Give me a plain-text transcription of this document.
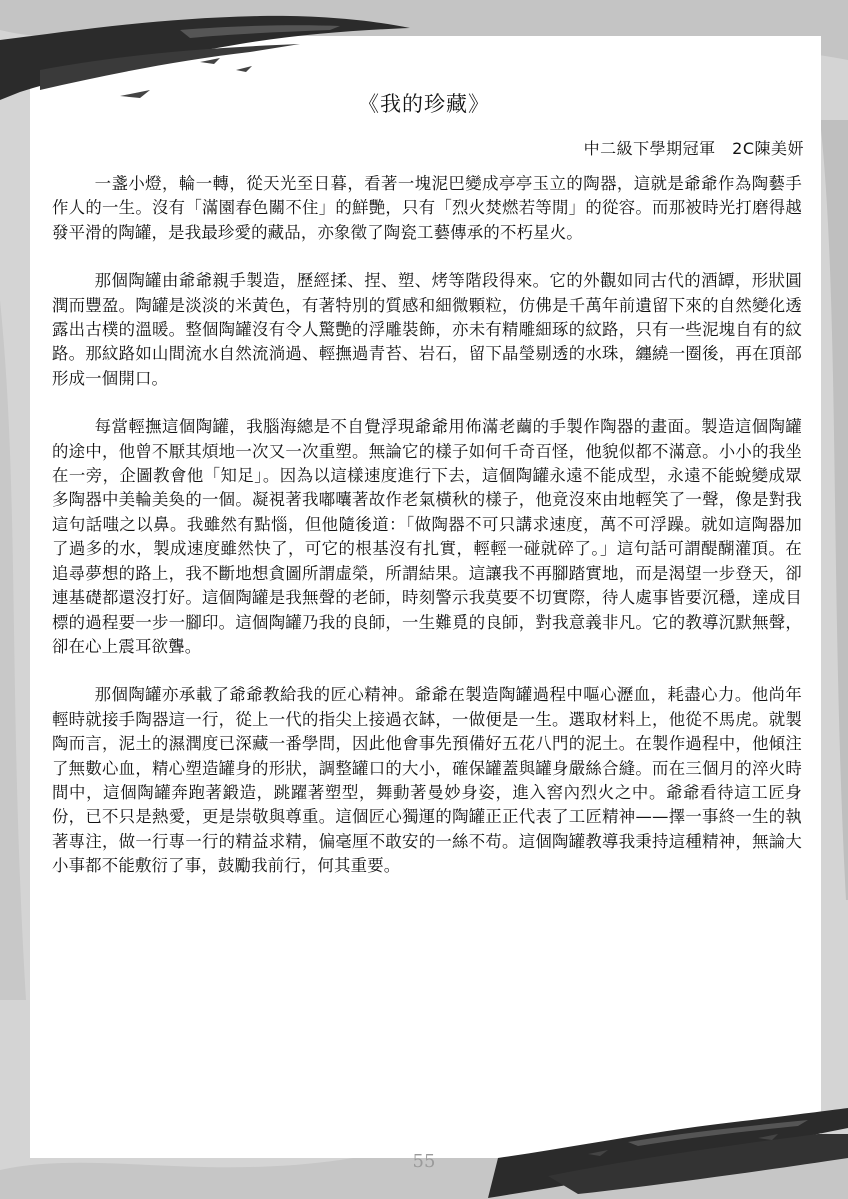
《我的珍藏》
中二級下學期冠軍　2C陳美妍

一盞小燈，輪一轉，從天光至日暮，看著一塊泥巴變成亭亭玉立的陶器，這就是爺爺作為陶藝手作人的一生。沒有「滿園春色關不住」的鮮艷，只有「烈火焚燃若等閒」的從容。而那被時光打磨得越發平滑的陶罐，是我最珍愛的藏品，亦象徵了陶瓷工藝傳承的不朽星火。

那個陶罐由爺爺親手製造，歷經揉、捏、塑、烤等階段得來。它的外觀如同古代的酒罈，形狀圓潤而豐盈。陶罐是淡淡的米黃色，有著特別的質感和細微顆粒，仿佛是千萬年前遺留下來的自然變化透露出古樸的溫暖。整個陶罐沒有令人驚艷的浮雕裝飾，亦未有精雕細琢的紋路，只有一些泥塊自有的紋路。那紋路如山間流水自然流淌過、輕撫過青苔、岩石，留下晶瑩剔透的水珠，纏繞一圈後，再在頂部形成一個開口。

每當輕撫這個陶罐，我腦海總是不自覺浮現爺爺用佈滿老繭的手製作陶器的畫面。製造這個陶罐的途中，他曾不厭其煩地一次又一次重塑。無論它的樣子如何千奇百怪，他貌似都不滿意。小小的我坐在一旁，企圖教會他「知足」。因為以這樣速度進行下去，這個陶罐永遠不能成型，永遠不能蛻變成眾多陶器中美輪美奐的一個。凝視著我嘟囔著故作老氣橫秋的樣子，他竟沒來由地輕笑了一聲，像是對我這句話嗤之以鼻。我雖然有點惱，但他隨後道：「做陶器不可只講求速度，萬不可浮躁。就如這陶器加了過多的水，製成速度雖然快了，可它的根基沒有扎實，輕輕一碰就碎了。」這句話可謂醍醐灌頂。在追尋夢想的路上，我不斷地想貪圖所謂虛榮，所謂結果。這讓我不再腳踏實地，而是渴望一步登天，卻連基礎都還沒打好。這個陶罐是我無聲的老師，時刻警示我莫要不切實際，待人處事皆要沉穩，達成目標的過程要一步一腳印。這個陶罐乃我的良師，一生難覓的良師，對我意義非凡。它的教導沉默無聲，卻在心上震耳欲聾。

那個陶罐亦承載了爺爺教給我的匠心精神。爺爺在製造陶罐過程中嘔心瀝血，耗盡心力。他尚年輕時就接手陶器這一行，從上一代的指尖上接過衣缽，一做便是一生。選取材料上，他從不馬虎。就製陶而言，泥土的濕潤度已深藏一番學問，因此他會事先預備好五花八門的泥土。在製作過程中，他傾注了無數心血，精心塑造罐身的形狀，調整罐口的大小，確保罐蓋與罐身嚴絲合縫。而在三個月的淬火時間中，這個陶罐奔跑著鍛造，跳躍著塑型，舞動著曼妙身姿，進入窖內烈火之中。爺爺看待這工匠身份，已不只是熱愛，更是崇敬與尊重。這個匠心獨運的陶罐正正代表了工匠精神——擇一事終一生的執著專注，做一行專一行的精益求精，偏毫厘不敢安的一絲不苟。這個陶罐教導我秉持這種精神，無論大小事都不能敷衍了事，鼓勵我前行，何其重要。

55
